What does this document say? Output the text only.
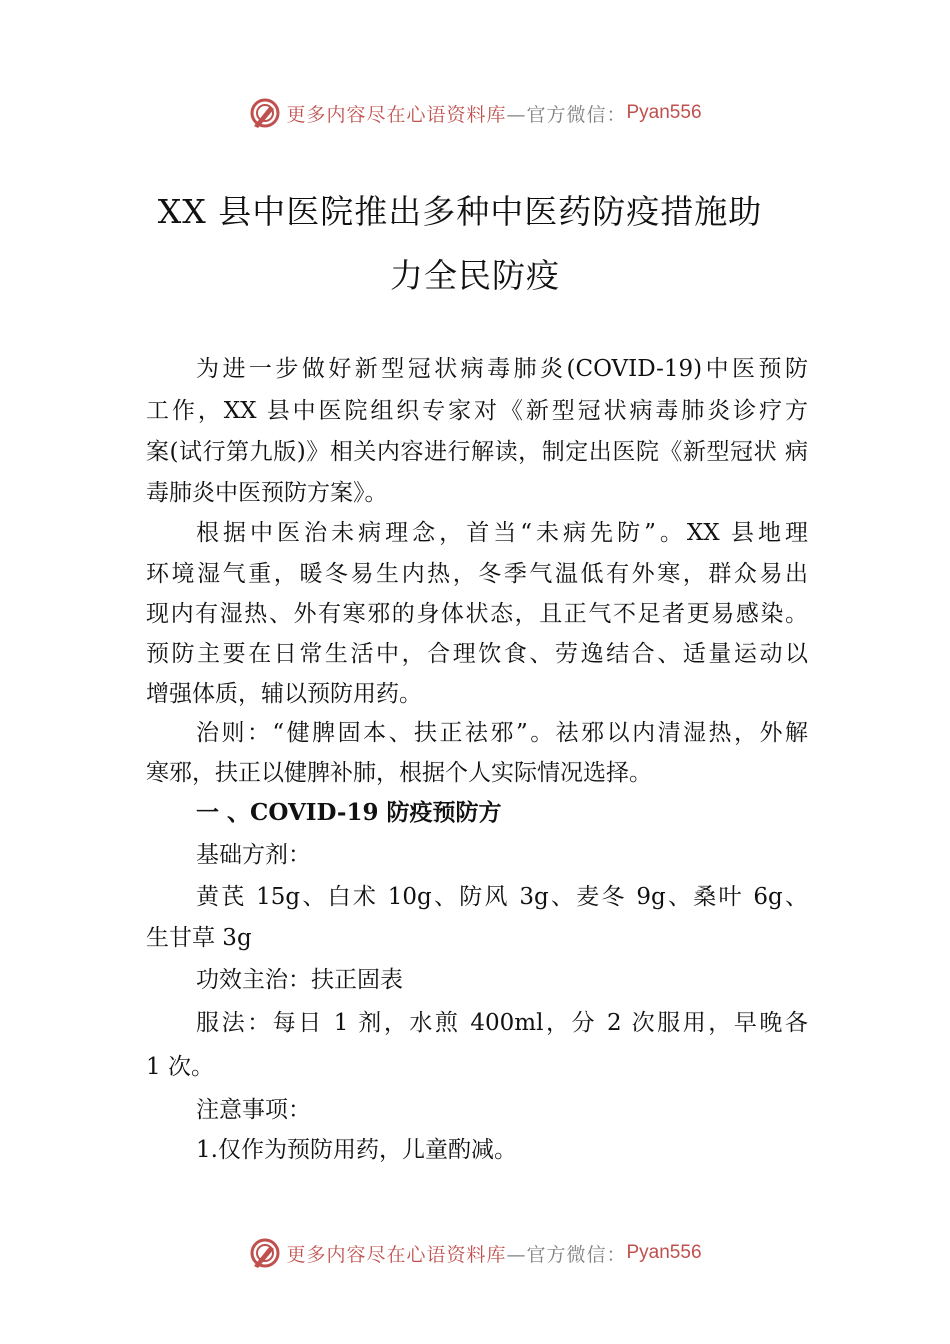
更多内容尽在心语资料库 —官方微信： Pyan556
XX 县中医院推出多种中医药防疫措施助
力全民防疫
为进一步做好新型冠状病毒肺炎(COVID-19)中医预防
工作，XX 县中医院组织专家对《新型冠状病毒肺炎诊疗方
案(试行第九版)》相关内容进行解读，制定出医院《新型冠状 病
毒肺炎中医预防方案》。
根据中医治未病理念，首当“未病先防”。XX 县地理
环境湿气重，暖冬易生内热，冬季气温低有外寒，群众易出
现内有湿热、外有寒邪的身体状态，且正气不足者更易感染。
预防主要在日常生活中，合理饮食、劳逸结合、适量运动以
增强体质，辅以预防用药。
治则：“健脾固本、扶正祛邪”。祛邪以内清湿热，外解
寒邪，扶正以健脾补肺，根据个人实际情况选择。
一 、COVID-19 防疫预防方
基础方剂：
黄芪 15g、白术 10g、防风 3g、麦冬 9g、桑叶 6g、
生甘草 3g
功效主治：扶正固表
服法：每日 1 剂，水煎 400ml，分 2 次服用，早晚各
1 次。
注意事项：
1.仅作为预防用药，儿童酌减。
更多内容尽在心语资料库 —官方微信： Pyan556
